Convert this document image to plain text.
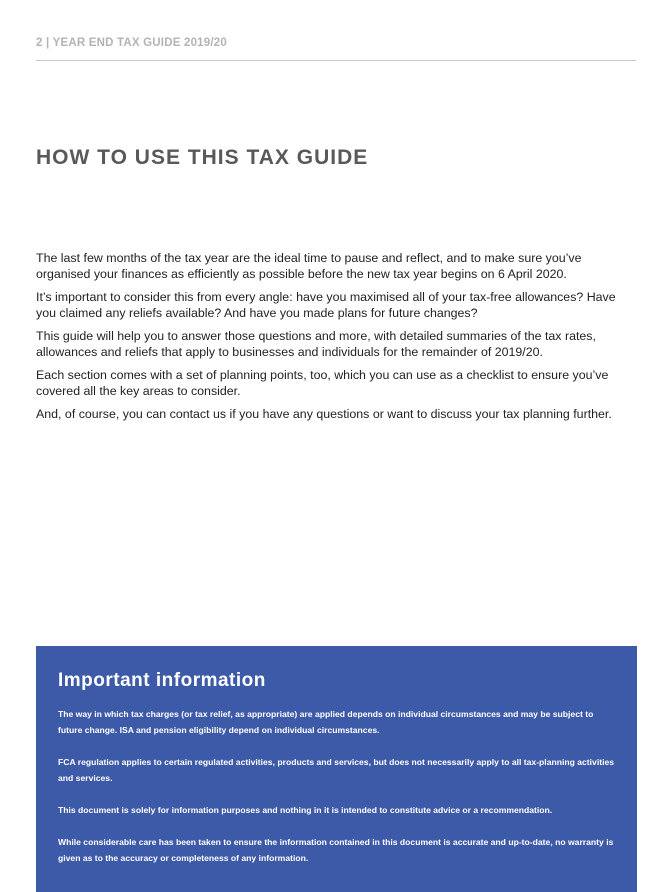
2 | YEAR END TAX GUIDE 2019/20
HOW TO USE THIS TAX GUIDE

The last few months of the tax year are the ideal time to pause and reflect, and to make sure you’ve organised your finances as efficiently as possible before the new tax year begins on 6 April 2020.

It’s important to consider this from every angle: have you maximised all of your tax-free allowances? Have you claimed any reliefs available? And have you made plans for future changes?

This guide will help you to answer those questions and more, with detailed summaries of the tax rates, allowances and reliefs that apply to businesses and individuals for the remainder of 2019/20.

Each section comes with a set of planning points, too, which you can use as a checklist to ensure you’ve covered all the key areas to consider.

And, of course, you can contact us if you have any questions or want to discuss your tax planning further.

Important information

The way in which tax charges (or tax relief, as appropriate) are applied depends on individual circumstances and may be subject to future change. ISA and pension eligibility depend on individual circumstances.

FCA regulation applies to certain regulated activities, products and services, but does not necessarily apply to all tax-planning activities and services.

This document is solely for information purposes and nothing in it is intended to constitute advice or a recommendation.

While considerable care has been taken to ensure the information contained in this document is accurate and up-to-date, no warranty is given as to the accuracy or completeness of any information.
